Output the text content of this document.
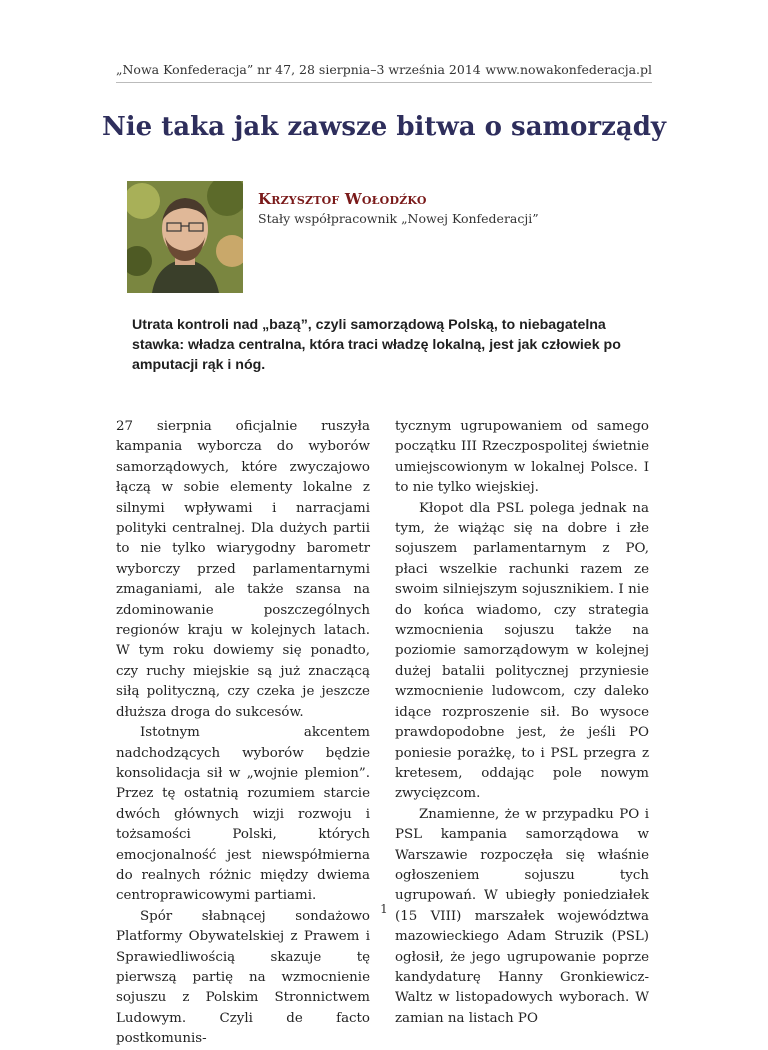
„Nowa Konfederacja” nr 47, 28 sierpnia–3 września 2014 www.nowakonfederacja.pl
Nie taka jak zawsze bitwa o samorządy
Krzysztof Wołodźko
Stały współpracownik „Nowej Konfederacji”
Utrata kontroli nad „bazą”, czyli samorządową Polską, to niebagatelna stawka: władza centralna, która traci władzę lokalną, jest jak człowiek po amputacji rąk i nóg.

27 sierpnia oficjalnie ruszyła kampania wyborcza do wyborów samorządowych, które zwyczajowo łączą w sobie elementy lokalne z silnymi wpływami i narracjami polityki centralnej. Dla dużych partii to nie tylko wiarygodny barometr wyborczy przed parlamentarnymi zmaganiami, ale także szansa na zdominowanie poszczególnych regionów kraju w kolejnych latach. W tym roku dowiemy się ponadto, czy ruchy miejskie są już znaczącą siłą polityczną, czy czeka je jeszcze dłuższa droga do sukcesów.

Istotnym akcentem nadchodzących wyborów będzie konsolidacja sił w „wojnie plemion”. Przez tę ostatnią rozumiem starcie dwóch głównych wizji rozwoju i tożsamości Polski, których emocjonalność jest niewspółmierna do realnych różnic między dwiema centroprawicowymi partiami.

Spór słabnącej sondażowo Platformy Obywatelskiej z Prawem i Sprawiedliwością skazuje tę pierwszą partię na wzmocnienie sojuszu z Polskim Stronnictwem Ludowym. Czyli de facto postkomunis-

tycznym ugrupowaniem od samego początku III Rzeczpospolitej świetnie umiejscowionym w lokalnej Polsce. I to nie tylko wiejskiej.

Kłopot dla PSL polega jednak na tym, że wiążąc się na dobre i złe sojuszem parlamentarnym z PO, płaci wszelkie rachunki razem ze swoim silniejszym sojusznikiem. I nie do końca wiadomo, czy strategia wzmocnienia sojuszu także na poziomie samorządowym w kolejnej dużej batalii politycznej przyniesie wzmocnienie ludowcom, czy daleko idące rozproszenie sił. Bo wysoce prawdopodobne jest, że jeśli PO poniesie porażkę, to i PSL przegra z kretesem, oddając pole nowym zwycięzcom.

Znamienne, że w przypadku PO i PSL kampania samorządowa w Warszawie rozpoczęła się właśnie ogłoszeniem sojuszu tych ugrupowań. W ubiegły poniedziałek (15 VIII) marszałek województwa mazowieckiego Adam Struzik (PSL) ogłosił, że jego ugrupowanie poprze kandydaturę Hanny Gronkiewicz-Waltz w listopadowych wyborach. W zamian na listach PO

1
